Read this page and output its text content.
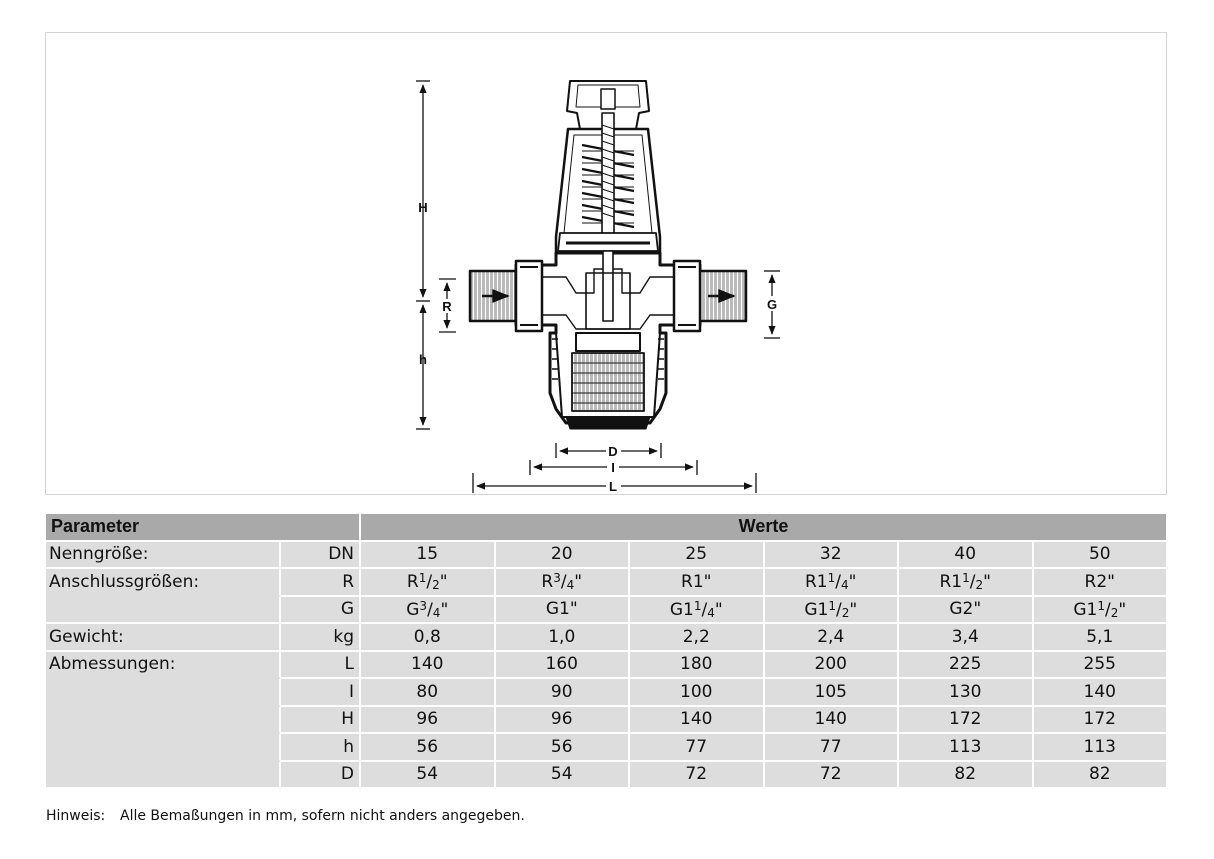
H
h
R	G
D
I
L
Parameter		Werte					
Nenngröße:	DN	15	20	25	32	40	50
Anschlussgrößen:	R	$R^1/2$"	$R^3/4$"	R1"	$R1^1/4$"	$R1^1/2$"	R2"
	G	$G^3/4$"	G1"	$G1^1/4$"	$G1^1/2$"	G2"	$G1^1/2$"
Gewicht:	kg	0,8	1,0	2,2	2,4	3,4	5,1
Abmessungen:	L	140	160	180	200	225	255
	I	80	90	100	105	130	140
	H	96	96	140	140	172	172
	h	56	56	77	77	113	113
	D	54	54	72	72	82	82
Hinweis: Alle Bemaßungen in mm, sofern nicht anders angegeben.
